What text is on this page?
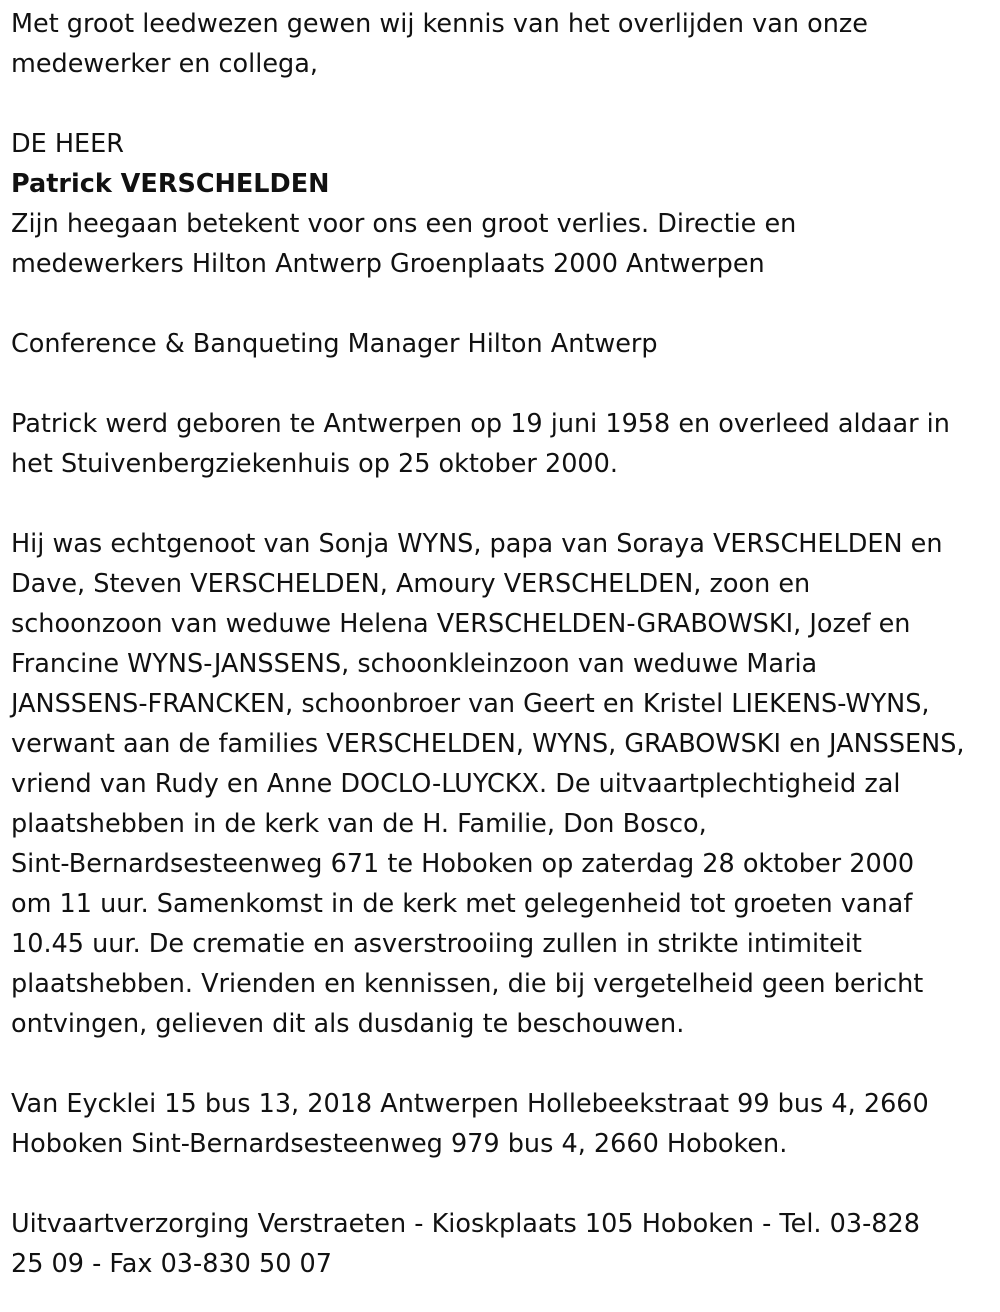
Met groot leedwezen gewen wij kennis van het overlijden van onze
medewerker en collega,

DE HEER

Patrick VERSCHELDEN

Zijn heegaan betekent voor ons een groot verlies. Directie en
medewerkers Hilton Antwerp Groenplaats 2000 Antwerpen

Conference & Banqueting Manager Hilton Antwerp

Patrick werd geboren te Antwerpen op 19 juni 1958 en overleed aldaar in
het Stuivenbergziekenhuis op 25 oktober 2000.

Hij was echtgenoot van Sonja WYNS, papa van Soraya VERSCHELDEN en
Dave, Steven VERSCHELDEN, Amoury VERSCHELDEN, zoon en
schoonzoon van weduwe Helena VERSCHELDEN-GRABOWSKI, Jozef en
Francine WYNS-JANSSENS, schoonkleinzoon van weduwe Maria
JANSSENS-FRANCKEN, schoonbroer van Geert en Kristel LIEKENS-WYNS,
verwant aan de families VERSCHELDEN, WYNS, GRABOWSKI en JANSSENS,
vriend van Rudy en Anne DOCLO-LUYCKX. De uitvaartplechtigheid zal
plaatshebben in de kerk van de H. Familie, Don Bosco,
Sint-Bernardsesteenweg 671 te Hoboken op zaterdag 28 oktober 2000
om 11 uur. Samenkomst in de kerk met gelegenheid tot groeten vanaf
10.45 uur. De crematie en asverstrooiing zullen in strikte intimiteit
plaatshebben. Vrienden en kennissen, die bij vergetelheid geen bericht
ontvingen, gelieven dit als dusdanig te beschouwen.

Van Eycklei 15 bus 13, 2018 Antwerpen Hollebeekstraat 99 bus 4, 2660
Hoboken Sint-Bernardsesteenweg 979 bus 4, 2660 Hoboken.

Uitvaartverzorging Verstraeten - Kioskplaats 105 Hoboken - Tel. 03-828
25 09 - Fax 03-830 50 07
